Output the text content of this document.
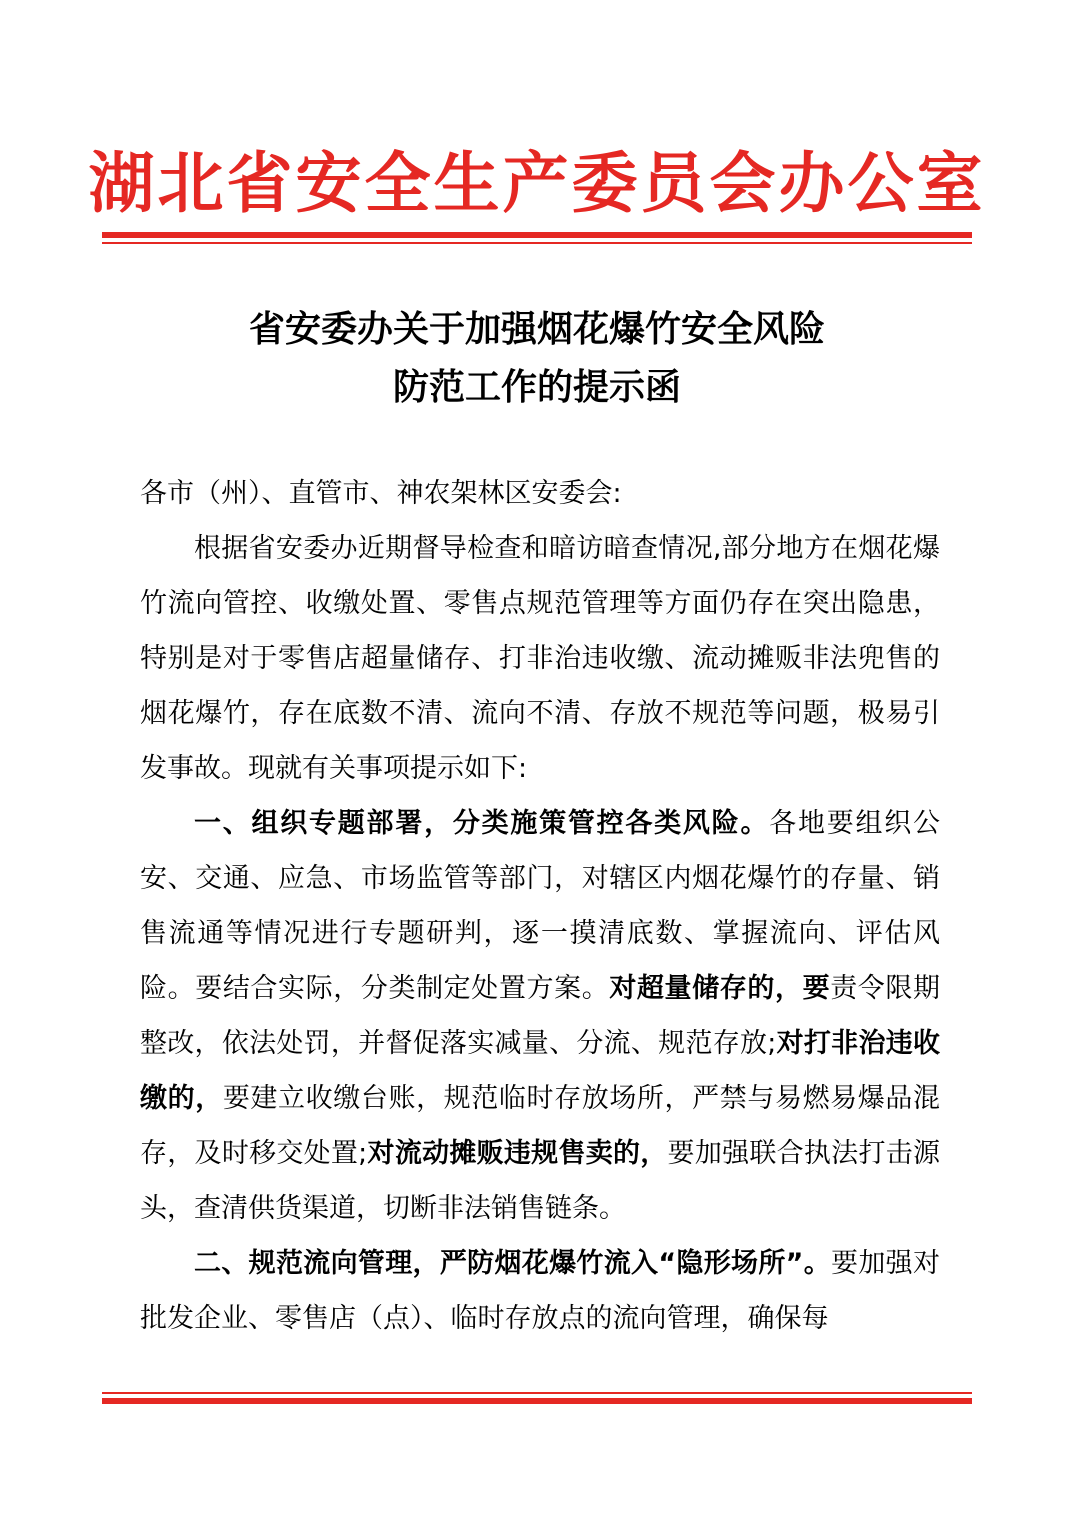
湖北省安全生产委员会办公室
省安委办关于加强烟花爆竹安全风险
防范工作的提示函

各市（州）、直管市、神农架林区安委会:

根据省安委办近期督导检查和暗访暗查情况,部分地方在烟花爆竹流向管控、收缴处置、零售点规范管理等方面仍存在突出隐患，特别是对于零售店超量储存、打非治违收缴、流动摊贩非法兜售的烟花爆竹，存在底数不清、流向不清、存放不规范等问题，极易引发事故。现就有关事项提示如下:

一、组织专题部署，分类施策管控各类风险。各地要组织公安、交通、应急、市场监管等部门，对辖区内烟花爆竹的存量、销售流通等情况进行专题研判，逐一摸清底数、掌握流向、评估风险。要结合实际，分类制定处置方案。对超量储存的，要责令限期整改，依法处罚，并督促落实减量、分流、规范存放;对打非治违收缴的，要建立收缴台账，规范临时存放场所，严禁与易燃易爆品混存，及时移交处置;对流动摊贩违规售卖的，要加强联合执法打击源头，查清供货渠道，切断非法销售链条。

二、规范流向管理，严防烟花爆竹流入“隐形场所”。要加强对批发企业、零售店（点）、临时存放点的流向管理，确保每
